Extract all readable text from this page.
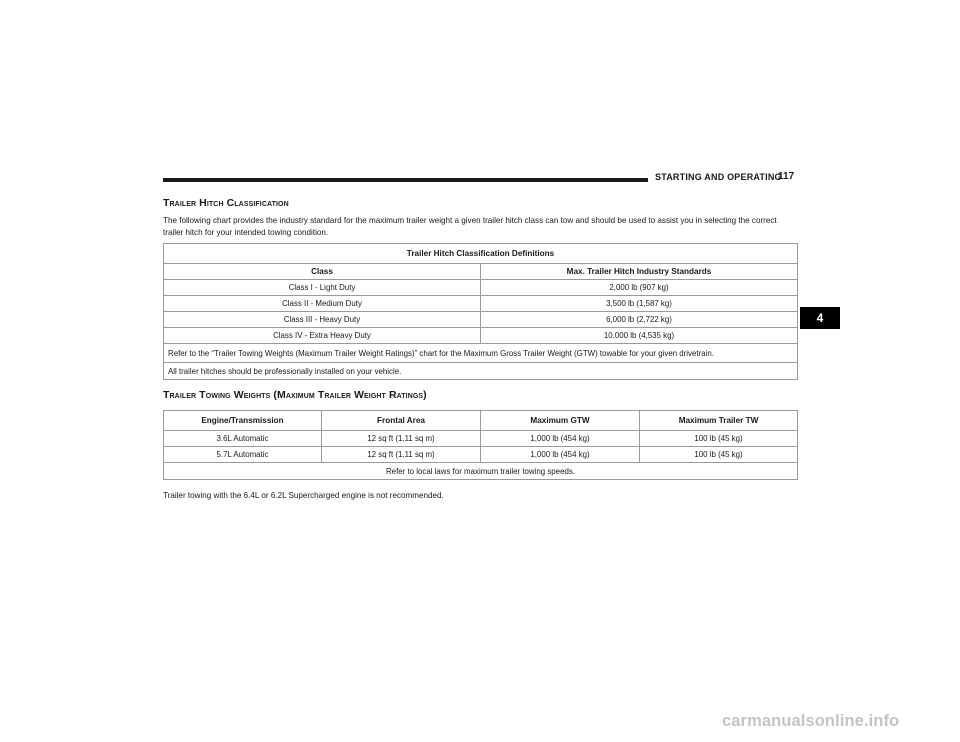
STARTING AND OPERATING
117
4
Trailer Hitch Classification

The following chart provides the industry standard for the maximum trailer weight a given trailer hitch class can tow and should be used to assist you in selecting the correct trailer hitch for your intended towing condition.

Trailer Hitch Classification Definitions	
Class	Max. Trailer Hitch Industry Standards
Class I - Light Duty	2,000 lb (907 kg)
Class II - Medium Duty	3,500 lb (1,587 kg)
Class III - Heavy Duty	6,000 lb (2,722 kg)
Class IV - Extra Heavy Duty	10,000 lb (4,535 kg)
Refer to the “Trailer Towing Weights (Maximum Trailer Weight Ratings)” chart for the Maximum Gross Trailer Weight (GTW) towable for your given drivetrain.	
All trailer hitches should be professionally installed on your vehicle.	
Trailer Towing Weights (Maximum Trailer Weight Ratings)
Engine/Transmission	Frontal Area	Maximum GTW	Maximum Trailer TW
3.6L Automatic	12 sq ft (1.11 sq m)	1,000 lb (454 kg)	100 lb (45 kg)
5.7L Automatic	12 sq ft (1.11 sq m)	1,000 lb (454 kg)	100 lb (45 kg)
Refer to local laws for maximum trailer towing speeds.			

Trailer towing with the 6.4L or 6.2L Supercharged engine is not recommended.

carmanualsonline.info
